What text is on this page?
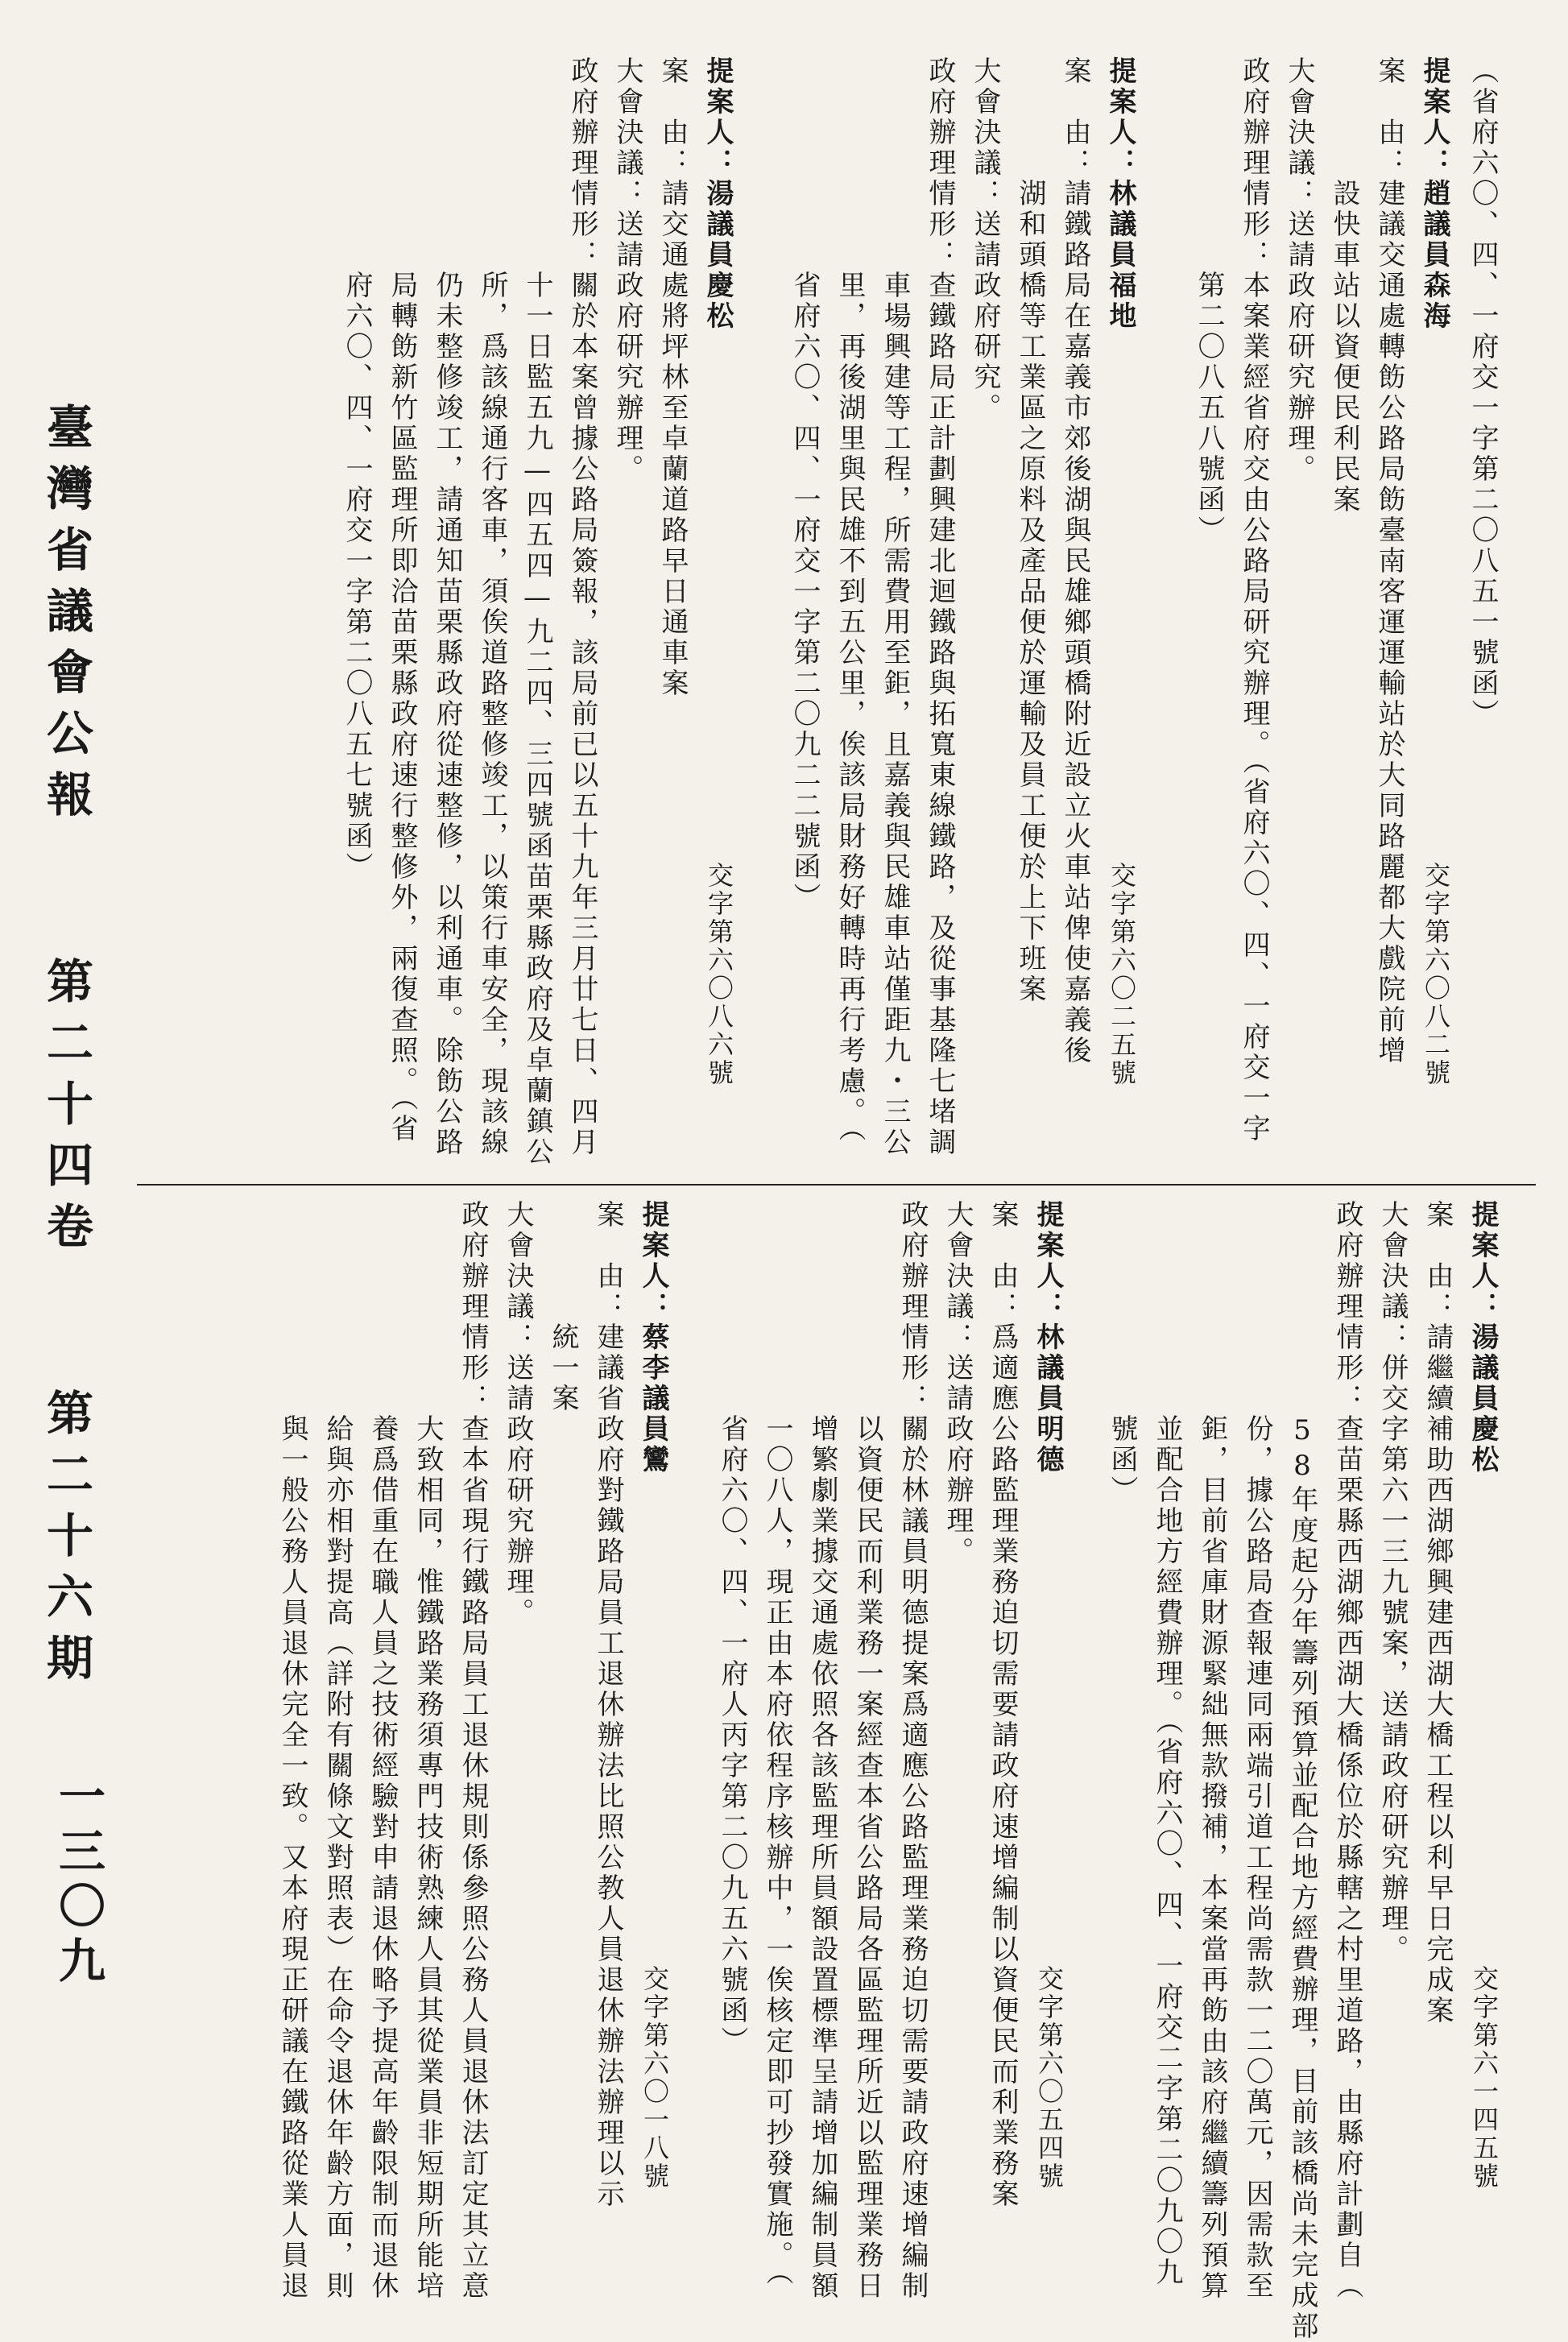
臺灣省議會公報 第二十四卷 第二十六期
一三〇九
（省府六〇、四、一府交一字第二〇八五一號函）
提案人：趙議員森海
交字第六〇八二號
案　由：建議交通處轉飭公路局飭臺南客運運輸站於大同路麗都大戲院前增
　　　　設快車站以資便民利民案
大會決議：送請政府研究辦理。
政府辦理情形：本案業經省府交由公路局研究辦理。（省府六〇、四、一府交一字
　　　　　　　第二〇八五八號函）
提案人：林議員福地
交字第六〇二五號
案　由：請鐵路局在嘉義市郊後湖與民雄鄉頭橋附近設立火車站俾使嘉義後
　　　　湖和頭橋等工業區之原料及產品便於運輸及員工便於上下班案
大會決議：送請政府研究。
政府辦理情形：查鐵路局正計劃興建北迴鐵路與拓寬東線鐵路，及從事基隆七堵調
　　　　　　　車場興建等工程，所需費用至鉅，且嘉義與民雄車站僅距九・三公
　　　　　　　里，再後湖里與民雄不到五公里，俟該局財務好轉時再行考慮。（
　　　　　　　省府六〇、四、一府交一字第二〇九二二號函）
提案人：湯議員慶松
交字第六〇八六號
案　由：請交通處將坪林至卓蘭道路早日通車案
大會決議：送請政府研究辦理。
政府辦理情形：關於本案曾據公路局簽報，該局前已以五十九年三月廿七日、四月
　　　　　　　十一日監五九—四五四—九二四、三四號函苗栗縣政府及卓蘭鎮公
　　　　　　　所，爲該線通行客車，須俟道路整修竣工，以策行車安全，現該線
　　　　　　　仍未整修竣工，請通知苗栗縣政府從速整修，以利通車。除飭公路
　　　　　　　局轉飭新竹區監理所即洽苗栗縣政府速行整修外，兩復查照。（省
　　　　　　　府六〇、四、一府交一字第二〇八五七號函）
提案人：湯議員慶松
交字第六一四五號
案　由：請繼續補助西湖鄉興建西湖大橋工程以利早日完成案
大會決議：併交字第六一三九號案，送請政府研究辦理。
政府辦理情形：查苗栗縣西湖鄉西湖大橋係位於縣轄之村里道路，由縣府計劃自（
　　　　　　　58年度起分年籌列預算並配合地方經費辦理，目前該橋尚未完成部
　　　　　　　份，據公路局查報連同兩端引道工程尚需款一二〇萬元，因需款至
　　　　　　　鉅，目前省庫財源緊絀無款撥補，本案當再飭由該府繼續籌列預算
　　　　　　　並配合地方經費辦理。（省府六〇、四、一府交二字第二〇九〇九
　　　　　　　號函）
提案人：林議員明德
交字第六〇五四號
案　由：爲適應公路監理業務迫切需要請政府速增編制以資便民而利業務案
大會決議：送請政府辦理。
政府辦理情形：關於林議員明德提案爲適應公路監理業務迫切需要請政府速增編制
　　　　　　　以資便民而利業務一案經查本省公路局各區監理所近以監理業務日
　　　　　　　增繁劇業據交通處依照各該監理所員額設置標準呈請增加編制員額
　　　　　　　一〇八人，現正由本府依程序核辦中，一俟核定即可抄發實施。（
　　　　　　　省府六〇、四、一府人丙字第二〇九五六號函）
提案人：蔡李議員鸞
交字第六〇一八號
案　由：建議省政府對鐵路局員工退休辦法比照公教人員退休辦法辦理以示
　　　　統一案
大會決議：送請政府研究辦理。
政府辦理情形：查本省現行鐵路局員工退休規則係參照公務人員退休法訂定其立意
　　　　　　　大致相同，惟鐵路業務須專門技術熟練人員其從業員非短期所能培
　　　　　　　養爲借重在職人員之技術經驗對申請退休略予提高年齡限制而退休
　　　　　　　給與亦相對提高（詳附有關條文對照表）在命令退休年齡方面，則
　　　　　　　與一般公務人員退休完全一致。又本府現正研議在鐵路從業人員退
